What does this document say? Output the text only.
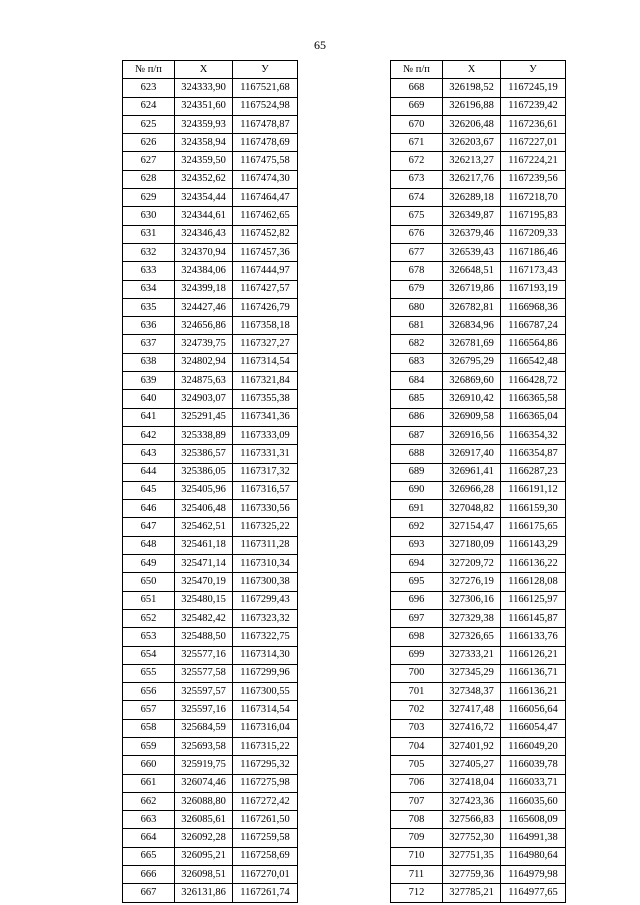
65
№ п/п	X	У
623	324333,90	1167521,68
624	324351,60	1167524,98
625	324359,93	1167478,87
626	324358,94	1167478,69
627	324359,50	1167475,58
628	324352,62	1167474,30
629	324354,44	1167464,47
630	324344,61	1167462,65
631	324346,43	1167452,82
632	324370,94	1167457,36
633	324384,06	1167444,97
634	324399,18	1167427,57
635	324427,46	1167426,79
636	324656,86	1167358,18
637	324739,75	1167327,27
638	324802,94	1167314,54
639	324875,63	1167321,84
640	324903,07	1167355,38
641	325291,45	1167341,36
642	325338,89	1167333,09
643	325386,57	1167331,31
644	325386,05	1167317,32
645	325405,96	1167316,57
646	325406,48	1167330,56
647	325462,51	1167325,22
648	325461,18	1167311,28
649	325471,14	1167310,34
650	325470,19	1167300,38
651	325480,15	1167299,43
652	325482,42	1167323,32
653	325488,50	1167322,75
654	325577,16	1167314,30
655	325577,58	1167299,96
656	325597,57	1167300,55
657	325597,16	1167314,54
658	325684,59	1167316,04
659	325693,58	1167315,22
660	325919,75	1167295,32
661	326074,46	1167275,98
662	326088,80	1167272,42
663	326085,61	1167261,50
664	326092,28	1167259,58
665	326095,21	1167258,69
666	326098,51	1167270,01
667	326131,86	1167261,74
№ п/п	X	У
668	326198,52	1167245,19
669	326196,88	1167239,42
670	326206,48	1167236,61
671	326203,67	1167227,01
672	326213,27	1167224,21
673	326217,76	1167239,56
674	326289,18	1167218,70
675	326349,87	1167195,83
676	326379,46	1167209,33
677	326539,43	1167186,46
678	326648,51	1167173,43
679	326719,86	1167193,19
680	326782,81	1166968,36
681	326834,96	1166787,24
682	326781,69	1166564,86
683	326795,29	1166542,48
684	326869,60	1166428,72
685	326910,42	1166365,58
686	326909,58	1166365,04
687	326916,56	1166354,32
688	326917,40	1166354,87
689	326961,41	1166287,23
690	326966,28	1166191,12
691	327048,82	1166159,30
692	327154,47	1166175,65
693	327180,09	1166143,29
694	327209,72	1166136,22
695	327276,19	1166128,08
696	327306,16	1166125,97
697	327329,38	1166145,87
698	327326,65	1166133,76
699	327333,21	1166126,21
700	327345,29	1166136,71
701	327348,37	1166136,21
702	327417,48	1166056,64
703	327416,72	1166054,47
704	327401,92	1166049,20
705	327405,27	1166039,78
706	327418,04	1166033,71
707	327423,36	1166035,60
708	327566,83	1165608,09
709	327752,30	1164991,38
710	327751,35	1164980,64
711	327759,36	1164979,98
712	327785,21	1164977,65
